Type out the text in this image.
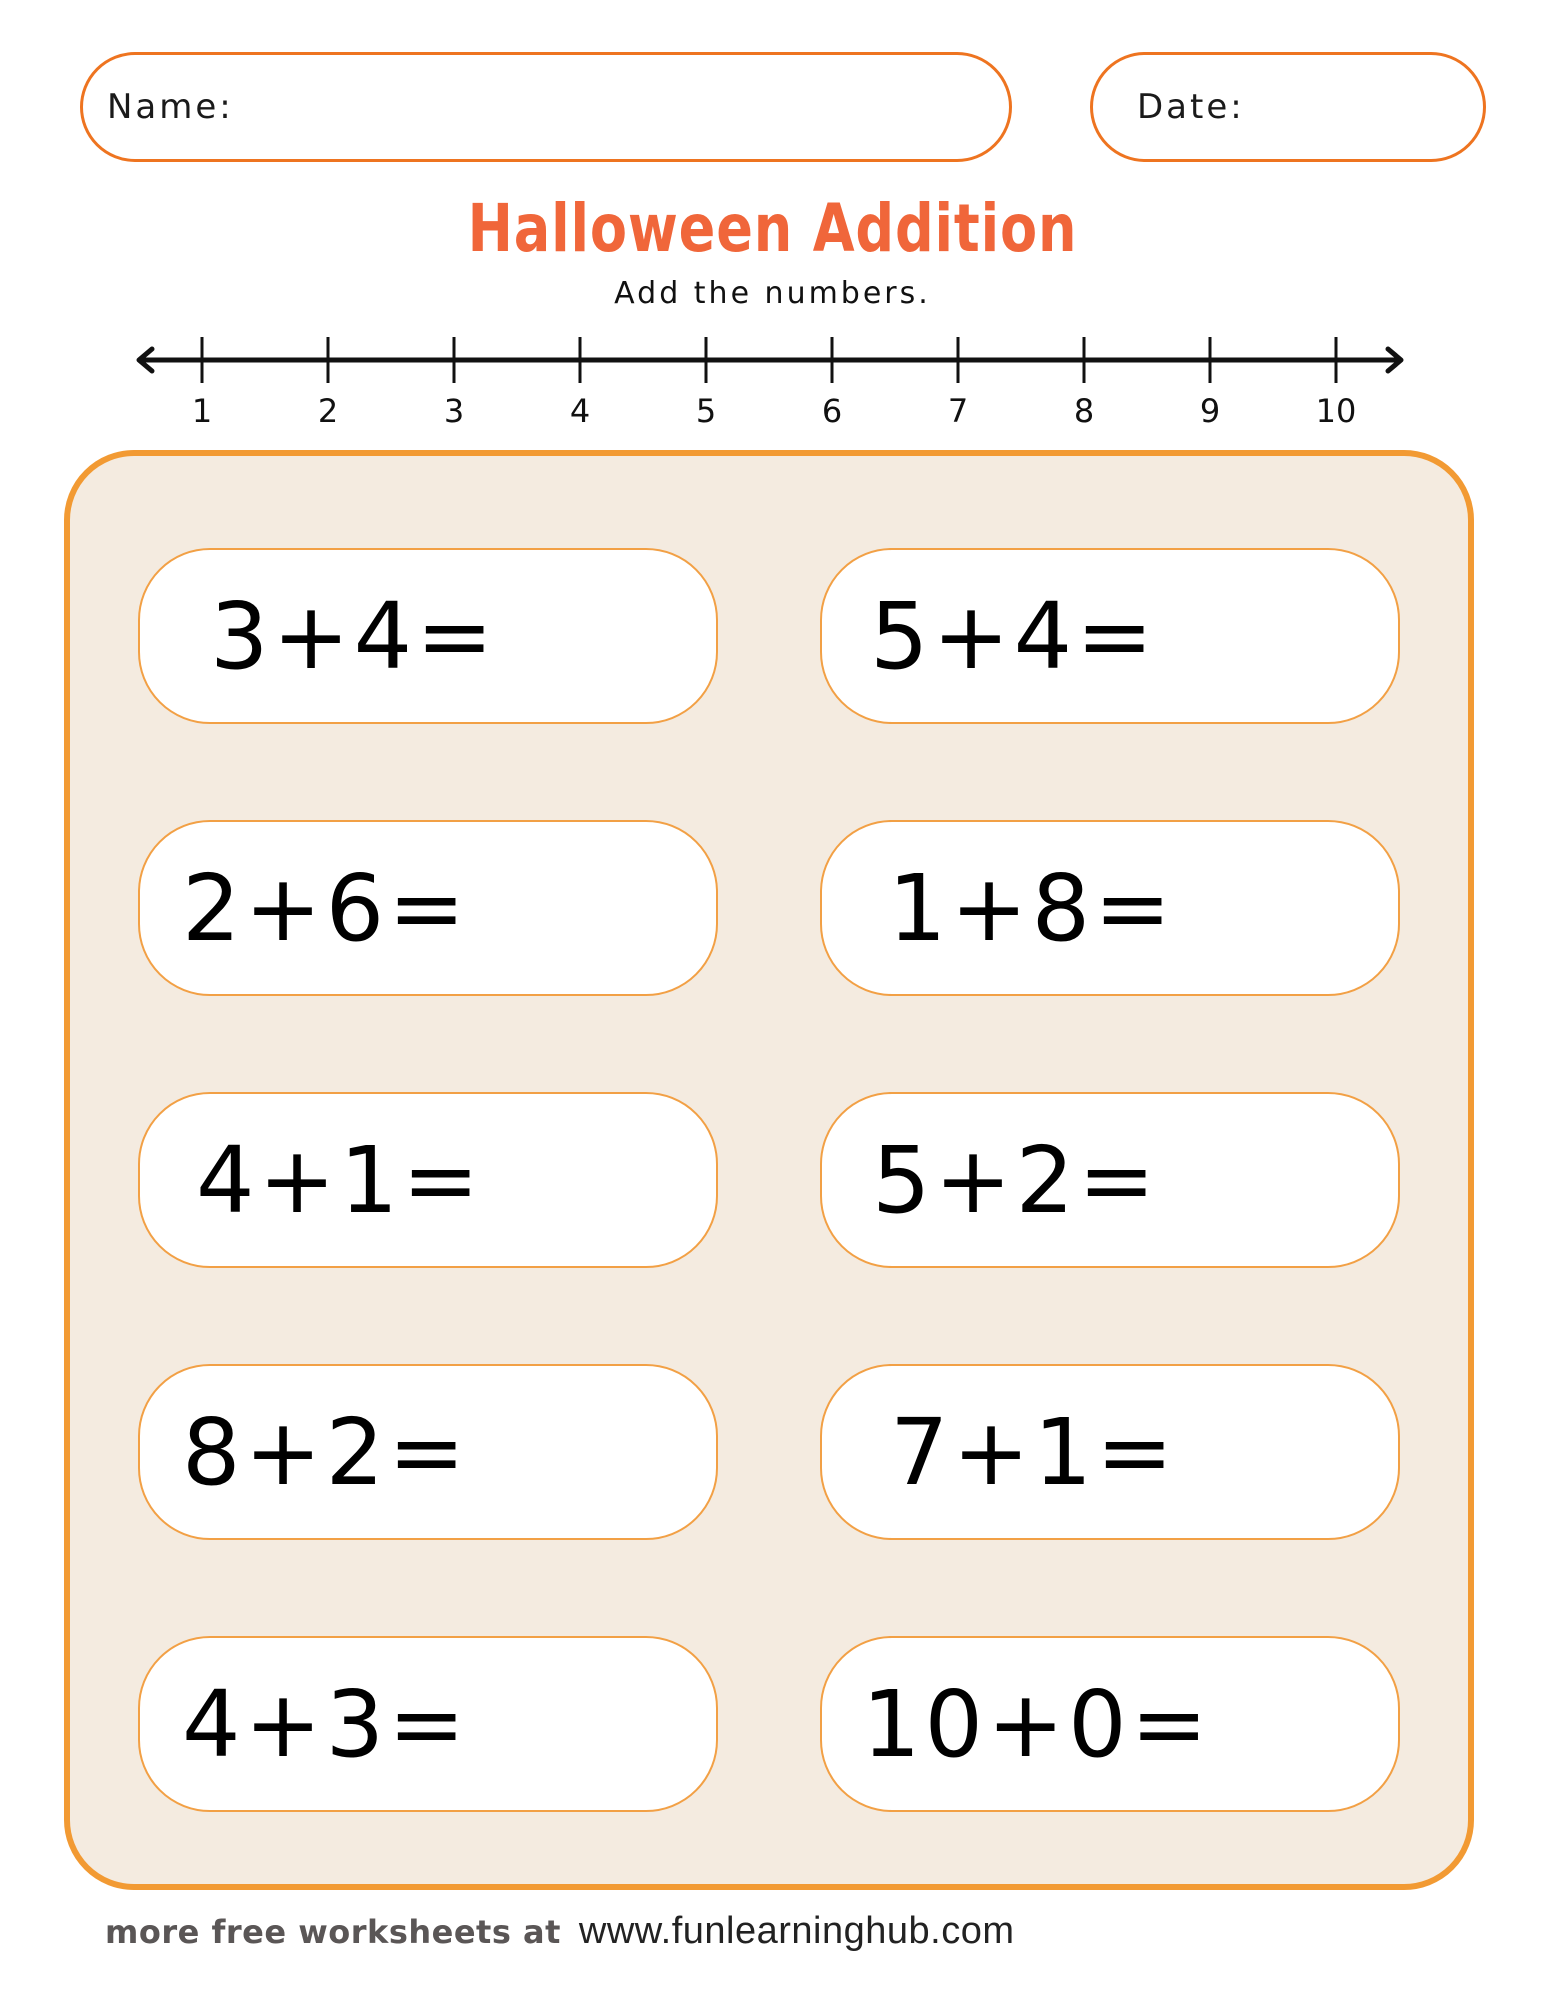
Name:	Date:
Halloween Addition
Add the numbers.
1	2	3	4	5	6	7	8	9	10
3+4=	5+4=
2+6=	1+8=
4+1=	5+2=
8+2=	7+1=
4+3=	10+0=
more free worksheets at www.funlearninghub.com
